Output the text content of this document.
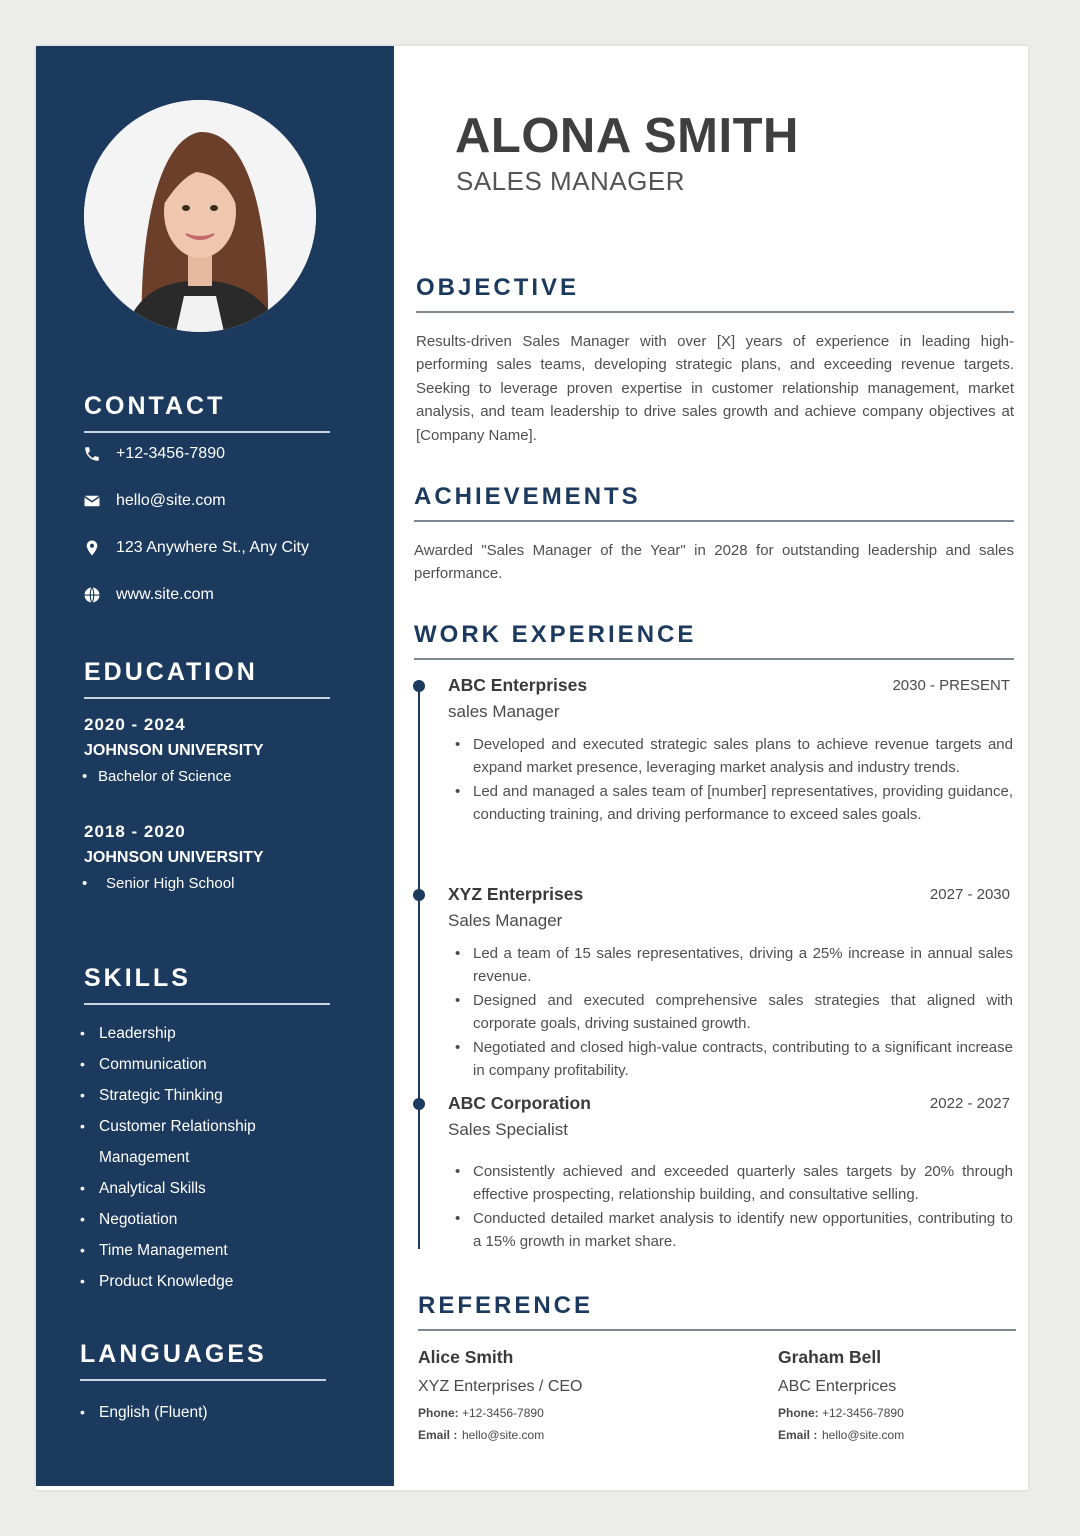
CONTACT
+12-3456-7890
hello@site.com
123 Anywhere St., Any City
www.site.com
EDUCATION
2020 - 2024
JOHNSON UNIVERSITY
• Bachelor of Science
2018 - 2020
JOHNSON UNIVERSITY
• Senior High School
SKILLS
• Leadership
• Communication
• Strategic Thinking
• Customer Relationship Management
• Analytical Skills
• Negotiation
• Time Management
• Product Knowledge
LANGUAGES
• English (Fluent)
ALONA SMITH
SALES MANAGER
OBJECTIVE

Results-driven Sales Manager with over [X] years of experience in leading high-performing sales teams, developing strategic plans, and exceeding revenue targets. Seeking to leverage proven expertise in customer relationship management, market analysis, and team leadership to drive sales growth and achieve company objectives at [Company Name].

ACHIEVEMENTS

Awarded "Sales Manager of the Year" in 2028 for outstanding leadership and sales performance.

WORK EXPERIENCE
ABC Enterprises	2030 - PRESENT
sales Manager
• Developed and executed strategic sales plans to achieve revenue targets and expand market presence, leveraging market analysis and industry trends.
• Led and managed a sales team of [number] representatives, providing guidance, conducting training, and driving performance to exceed sales goals.
XYZ Enterprises	2027 - 2030
Sales Manager
• Led a team of 15 sales representatives, driving a 25% increase in annual sales revenue.
• Designed and executed comprehensive sales strategies that aligned with corporate goals, driving sustained growth.
• Negotiated and closed high-value contracts, contributing to a significant increase in company profitability.
ABC Corporation	2022 - 2027
Sales Specialist
• Consistently achieved and exceeded quarterly sales targets by 20% through effective prospecting, relationship building, and consultative selling.
• Conducted detailed market analysis to identify new opportunities, contributing to a 15% growth in market share.
REFERENCE
Alice Smith
XYZ Enterprises / CEO
Phone: +12-3456-7890
Email : hello@site.com
Graham Bell
ABC Enterprices
Phone: +12-3456-7890
Email : hello@site.com
